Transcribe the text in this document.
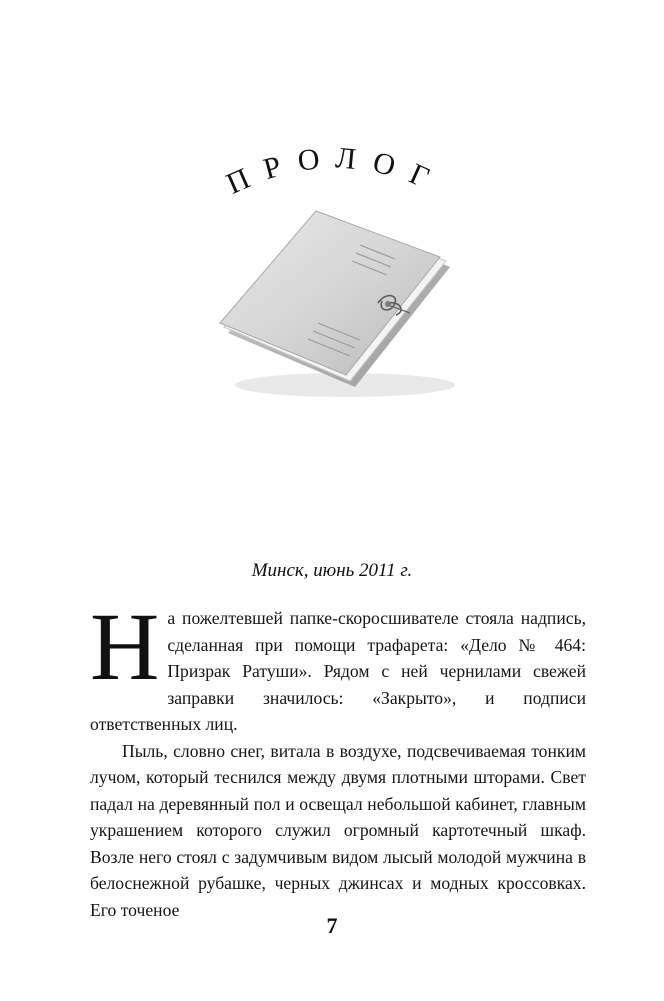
ПРОЛОГ
Минск, июнь 2011 г.

На пожелтевшей папке-скоросшивателе стояла надпись, сделанная при помощи трафарета: «Дело № 464: Призрак Ратуши». Рядом с ней чернилами свежей заправки значилось: «Закрыто», и подписи ответственных лиц.

Пыль, словно снег, витала в воздухе, подсвечиваемая тонким лучом, который теснился между двумя плотными шторами. Свет падал на деревянный пол и освещал небольшой кабинет, главным украшением которого служил огромный картотечный шкаф. Возле него стоял с задумчивым видом лысый молодой мужчина в белоснежной рубашке, черных джинсах и модных кроссовках. Его точеное

7
